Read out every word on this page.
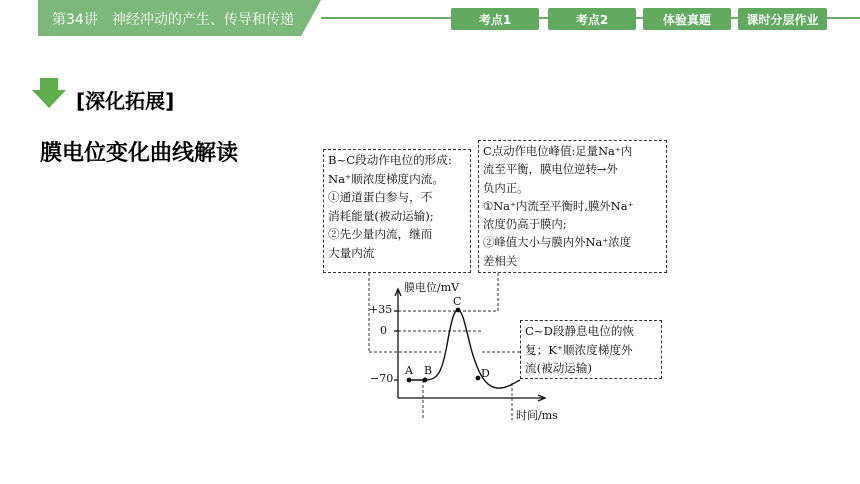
第34讲　神经冲动的产生、传导和传递	考点1	考点2	体验真题	课时分层作业
[深化拓展]
膜电位变化曲线解读
膜电位/mV
时间/ms
+35
0
−70
A B
C
D
B~C段动作电位的形成:
Na⁺顺浓度梯度内流。
①通道蛋白参与，不
消耗能量(被动运输);
②先少量内流，继而
大量内流
C点动作电位峰值:足量Na⁺内
流至平衡，膜电位逆转→外
负内正。
①Na⁺内流至平衡时,膜外Na⁺
浓度仍高于膜内;
②峰值大小与膜内外Na⁺浓度
差相关
C~D段静息电位的恢
复；K⁺顺浓度梯度外
流(被动运输)
